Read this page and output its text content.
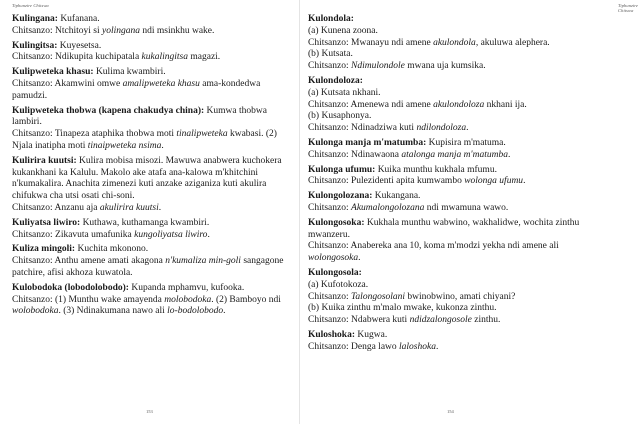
Tiphunzire Chitswa

Kulingana: Kufanana.

Chitsanzo: Ntchitoyi si yolingana ndi msinkhu wake.

Kulingitsa: Kuyesetsa.

Chitsanzo: Ndikupita kuchipatala kukalingitsa magazi.

Kulipweteka khasu: Kulima kwambiri.

Chitsanzo: Akamwini omwe amalipweteka khasu ama-kondedwa pamudzi.

Kulipweteka thobwa (kapena chakudya china): Kumwa thobwa lambiri.

Chitsanzo: Tinapeza ataphika thobwa moti tinalipweteka kwabasi. (2) Njala inatipha moti tinaipweteka nsima.

Kulirira kuutsi: Kulira mobisa misozi. Mawuwa anabwera kuchokera kukankhani ka Kalulu. Makolo ake atafa ana-kalowa m'khitchini n'kumakalira. Anachita zimenezi kuti anzake aziganiza kuti akulira chifukwa cha utsi osati chi-soni.

Chitsanzo: Anzanu aja akulirira kuutsi.

Kuliyatsa liwiro: Kuthawa, kuthamanga kwambiri.

Chitsanzo: Zikavuta umafunika kungoliyatsa liwiro.

Kuliza mingoli: Kuchita mkonono.

Chitsanzo: Anthu amene amati akagona n'kumaliza min-goli sangagone patchire, afisi akhoza kuwatola.

Kulobodoka (lobodolobodo): Kupanda mphamvu, kufooka.

Chitsanzo: (1) Munthu wake amayenda molobodoka. (2) Bamboyo ndi wolobodoka. (3) Ndinakumana nawo ali lo-bodolobodo.

153
Tiphunzire Chitswa

Kulondola:

(a) Kunena zoona.

Chitsanzo: Mwanayu ndi amene akulondola, akuluwa alephera.

(b) Kutsata.

Chitsanzo: Ndimulondole mwana uja kumsika.

Kulondoloza:

(a) Kutsata nkhani.

Chitsanzo: Amenewa ndi amene akulondoloza nkhani ija.

(b) Kusaphonya.

Chitsanzo: Ndinadziwa kuti ndilondoloza.

Kulonga manja m'matumba: Kupisira m'matuma.

Chitsanzo: Ndinawaona atalonga manja m'matumba.

Kulonga ufumu: Kuika munthu kukhala mfumu.

Chitsanzo: Pulezidenti apita kumwambo wolonga ufumu.

Kulongolozana: Kukangana.

Chitsanzo: Akumalongolozana ndi mwamuna wawo.

Kulongosoka: Kukhala munthu wabwino, wakhalidwe, wochita zinthu mwanzeru.

Chitsanzo: Anabereka ana 10, koma m'modzi yekha ndi amene ali wolongosoka.

Kulongosola:

(a) Kufotokoza.

Chitsanzo: Talongosolani bwinobwino, amati chiyani?

(b) Kuika zinthu m'malo mwake, kukonza zinthu.

Chitsanzo: Ndabwera kuti ndidzalongosole zinthu.

Kuloshoka: Kugwa.

Chitsanzo: Denga lawo laloshoka.

154
